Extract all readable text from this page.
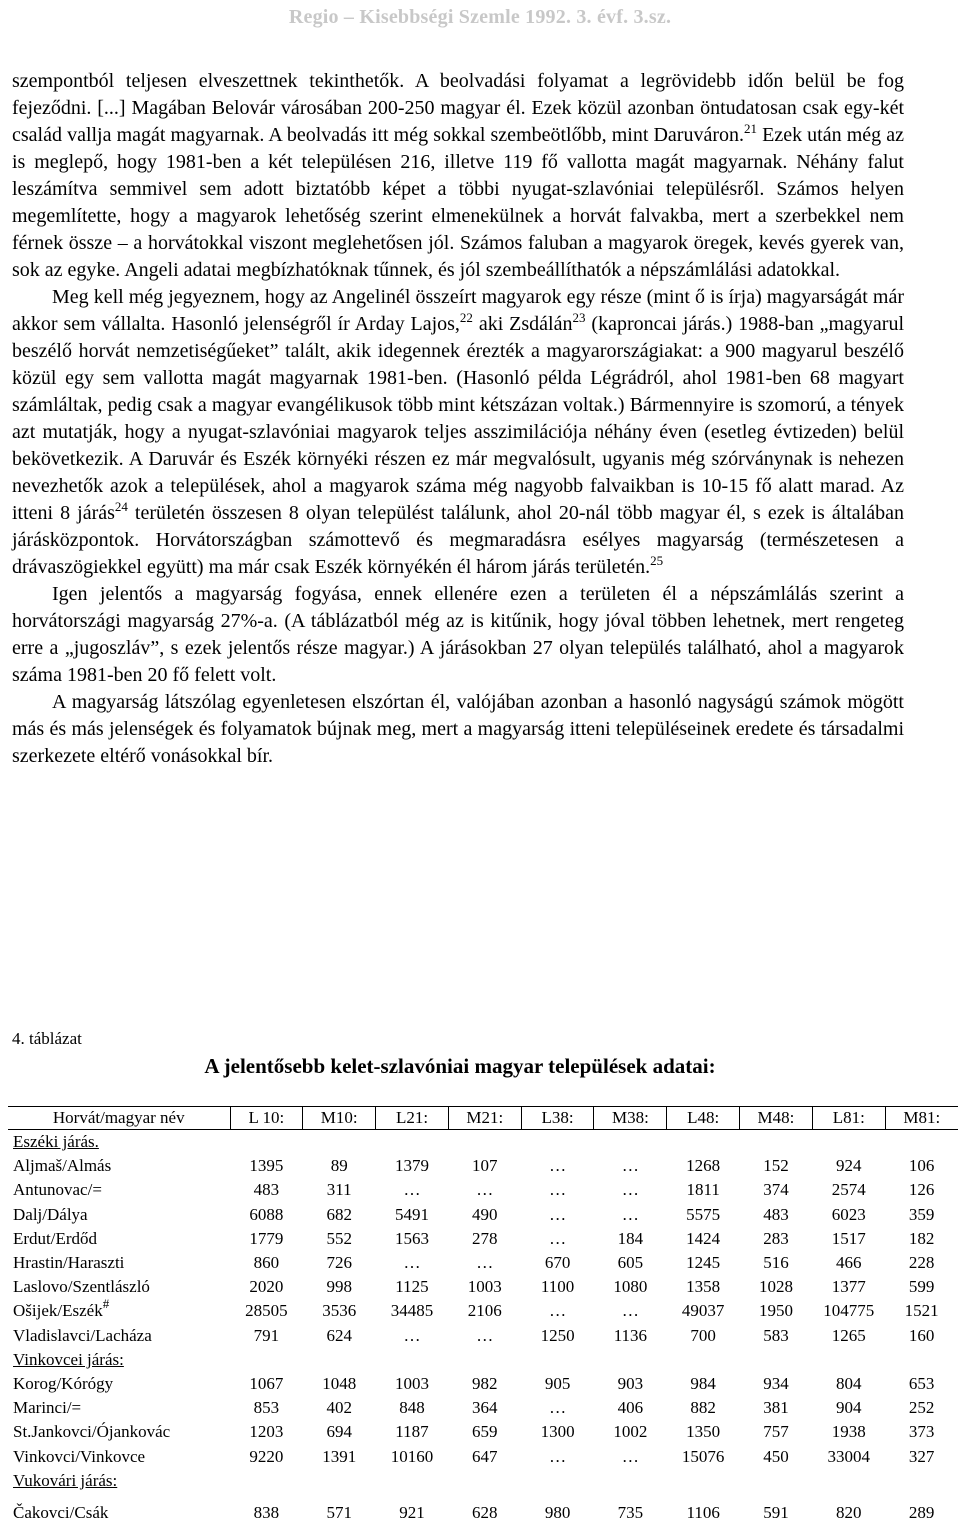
Regio – Kisebbségi Szemle 1992. 3. évf. 3.sz.

szempontból teljesen elveszettnek tekinthetők. A beolvadási folyamat a legrövidebb időn belül be fog fejeződni. [...] Magában Belovár városában 200-250 magyar él. Ezek közül azonban öntudatosan csak egy-két család vallja magát magyarnak. A beolvadás itt még sokkal szembeötlőbb, mint Daruváron.$^{21}$ Ezek után még az is meglepő, hogy 1981-ben a két településen 216, illetve 119 fő vallotta magát magyarnak. Néhány falut leszámítva semmivel sem adott biztatóbb képet a többi nyugat-szlavóniai településről. Számos helyen megemlítette, hogy a magyarok lehetőség szerint elmenekülnek a horvát falvakba, mert a szerbekkel nem férnek össze – a horvátokkal viszont meglehetősen jól. Számos faluban a magyarok öregek, kevés gyerek van, sok az egyke. Angeli adatai megbízhatóknak tűnnek, és jól szembeállíthatók a népszámlálási adatokkal.

Meg kell még jegyeznem, hogy az Angelinél összeírt magyarok egy része (mint ő is írja) magyarságát már akkor sem vállalta. Hasonló jelenségről ír Arday Lajos,$^{22}$ aki Zsdálán$^{23}$ (kaproncai járás.) 1988-ban „magyarul beszélő horvát nemzetiségűeket” talált, akik idegennek érezték a magyarországiakat: a 900 magyarul beszélő közül egy sem vallotta magát magyarnak 1981-ben. (Hasonló példa Légrádról, ahol 1981-ben 68 magyart számláltak, pedig csak a magyar evangélikusok több mint kétszázan voltak.) Bármennyire is szomorú, a tények azt mutatják, hogy a nyugat-szlavóniai magyarok teljes asszimilációja néhány éven (esetleg évtizeden) belül bekövetkezik. A Daruvár és Eszék környéki részen ez már megvalósult, ugyanis még szórványnak is nehezen nevezhetők azok a települések, ahol a magyarok száma még nagyobb falvaikban is 10-15 fő alatt marad. Az itteni 8 járás$^{24}$ területén összesen 8 olyan települést találunk, ahol 20-nál több magyar él, s ezek is általában járásközpontok. Horvátországban számottevő és megmaradásra esélyes magyarság (természetesen a drávaszögiekkel együtt) ma már csak Eszék környékén él három járás területén.$^{25}$

Igen jelentős a magyarság fogyása, ennek ellenére ezen a területen él a népszámlálás szerint a horvátországi magyarság 27%-a. (A táblázatból még az is kitűnik, hogy jóval többen lehetnek, mert rengeteg erre a „jugoszláv”, s ezek jelentős része magyar.) A járásokban 27 olyan település található, ahol a magyarok száma 1981-ben 20 fő felett volt.

A magyarság látszólag egyenletesen elszórtan él, valójában azonban a hasonló nagyságú számok mögött más és más jelenségek és folyamatok bújnak meg, mert a magyarság itteni településeinek eredete és társadalmi szerkezete eltérő vonásokkal bír.

4. táblázat
A jelentősebb kelet-szlavóniai magyar települések adatai:
Horvát/magyar név	L 10:	M10:	L21:	M21:	L38:	M38:	L48:	M48:	L81:	M81:
Eszéki járás.										
Aljmaš/Almás	1395	89	1379	107	…	…	1268	152	924	106
Antunovac/=	483	311	…	…	…	…	1811	374	2574	126
Dalj/Dálya	6088	682	5491	490	…	…	5575	483	6023	359
Erdut/Erdőd	1779	552	1563	278	…	184	1424	283	1517	182
Hrastin/Haraszti	860	726	…	…	670	605	1245	516	466	228
Laslovo/Szentlászló	2020	998	1125	1003	1100	1080	1358	1028	1377	599
Ošijek/Eszék#	28505	3536	34485	2106	…	…	49037	1950	104775	1521
Vladislavci/Lacháza	791	624	…	…	1250	1136	700	583	1265	160
Vinkovcei járás:										
Korog/Kórógy	1067	1048	1003	982	905	903	984	934	804	653
Marinci/=	853	402	848	364	…	406	882	381	904	252
St.Jankovci/Ójankovác	1203	694	1187	659	1300	1002	1350	757	1938	373
Vinkovci/Vinkovce	9220	1391	10160	647	…	…	15076	450	33004	327
Vukovári járás:										
Čakovci/Csák	838	571	921	628	980	735	1106	591	820	289
